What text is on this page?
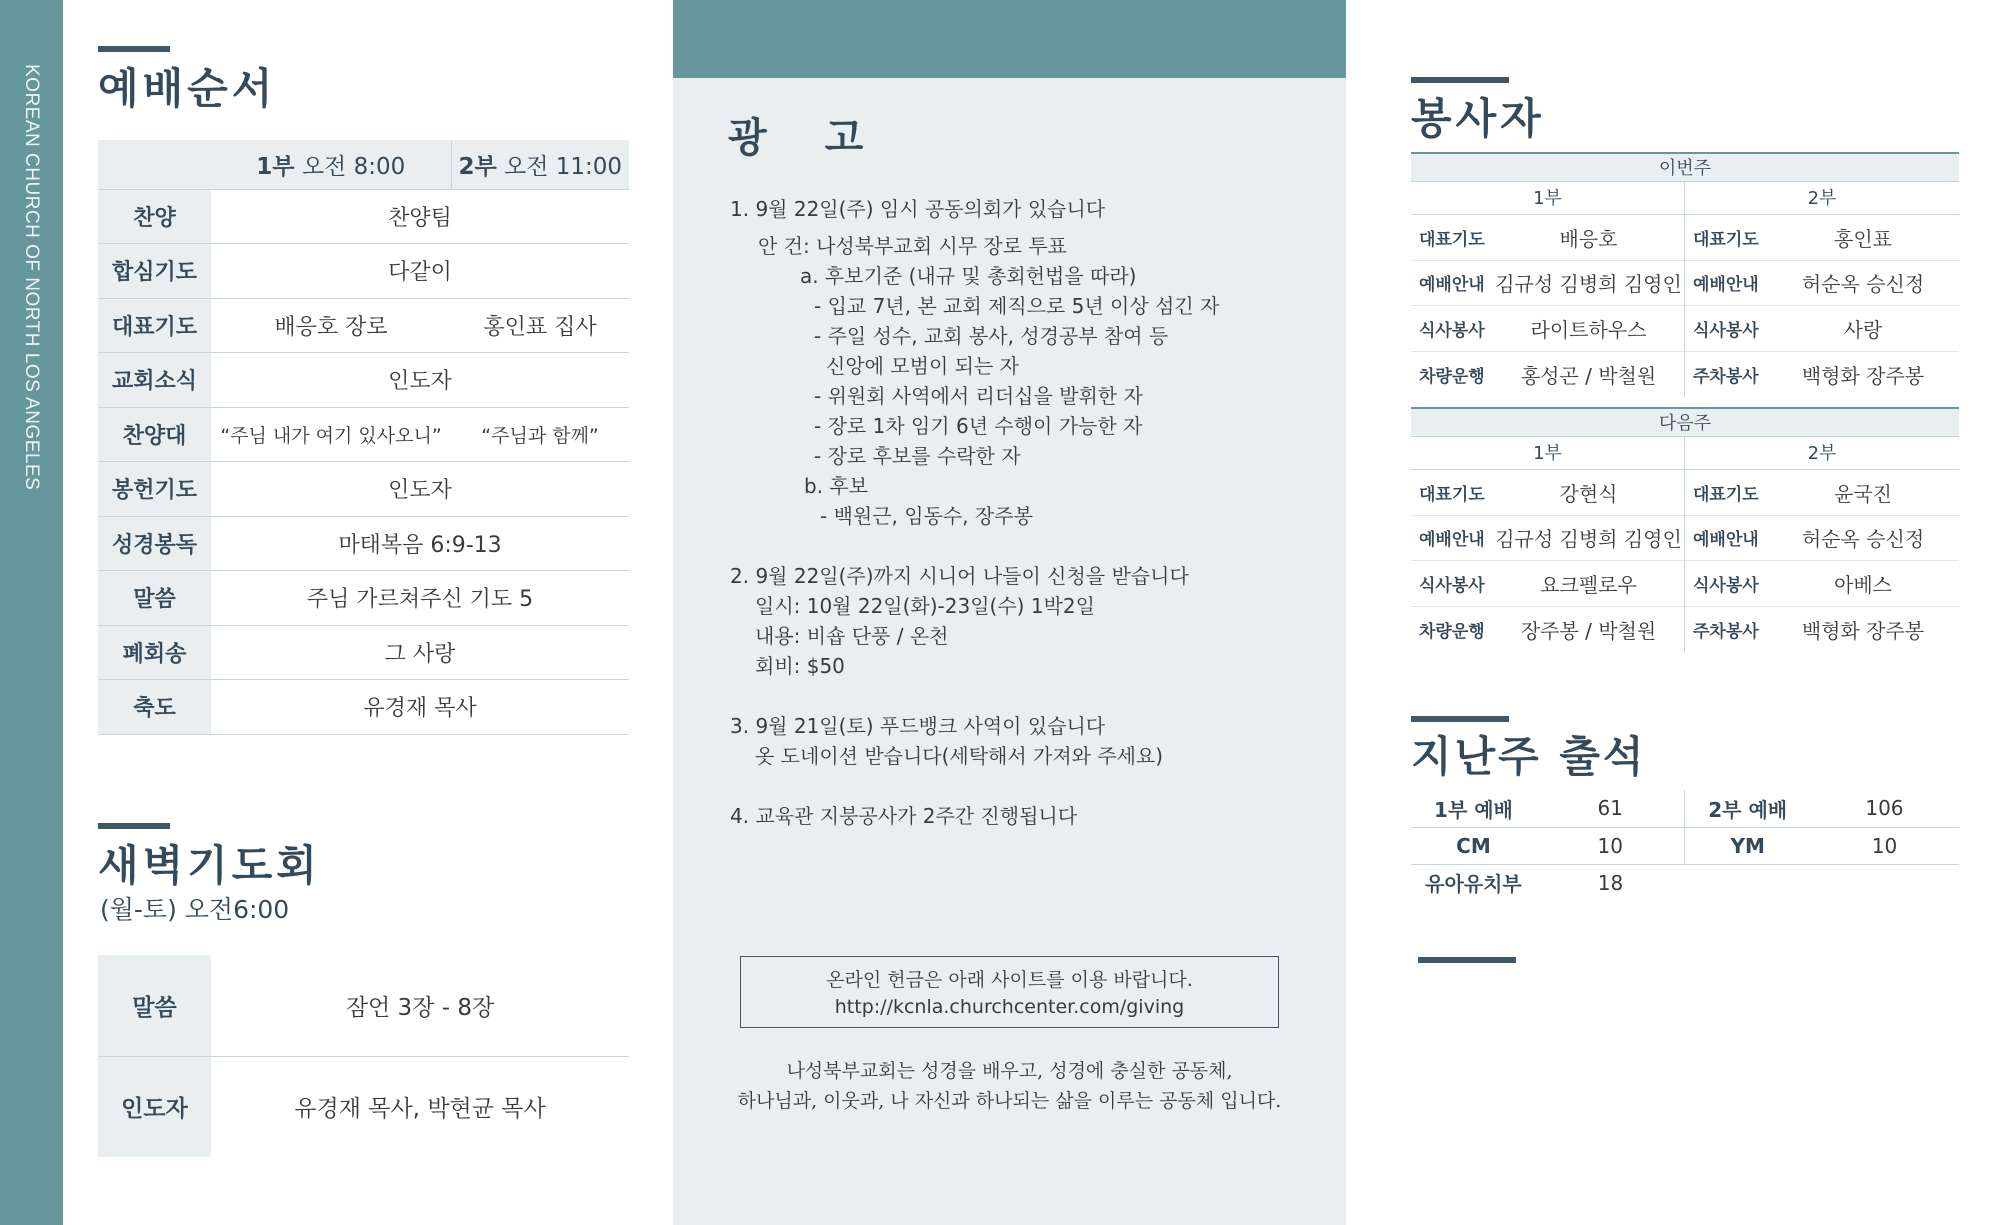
KOREAN CHURCH OF NORTH LOS ANGELES 예배순서
	1부 오전 8:00	2부 오전 11:00
찬양	찬양팀	
합심기도	다같이	
대표기도	배응호 장로	홍인표 집사
교회소식	인도자	
찬양대	“주님 내가 여기 있사오니”	“주님과 함께”
봉헌기도	인도자	
성경봉독	마태복음 6:9-13	
말씀	주님 가르쳐주신 기도 5	
폐회송	그 사랑	
축도	유경재 목사	
새벽기도회
(월-토) 오전6:00
말씀	잠언 3장 - 8장
인도자	유경재 목사, 박현균 목사
광 고
1. 9월 22일(주) 임시 공동의회가 있습니다
안 건: 나성북부교회 시무 장로 투표
a. 후보기준 (내규 및 총회헌법을 따라)
- 입교 7년, 본 교회 제직으로 5년 이상 섬긴 자
- 주일 성수, 교회 봉사, 성경공부 참여 등
신앙에 모범이 되는 자
- 위원회 사역에서 리더십을 발휘한 자
- 장로 1차 임기 6년 수행이 가능한 자
- 장로 후보를 수락한 자
b. 후보
- 백원근, 임동수, 장주봉
2. 9월 22일(주)까지 시니어 나들이 신청을 받습니다
일시: 10월 22일(화)-23일(수) 1박2일
내용: 비숍 단풍 / 온천
회비: $50
3. 9월 21일(토) 푸드뱅크 사역이 있습니다
옷 도네이션 받습니다(세탁해서 가져와 주세요)
4. 교육관 지붕공사가 2주간 진행됩니다
온라인 헌금은 아래 사이트를 이용 바랍니다.
http://kcnla.churchcenter.com/giving
나성북부교회는 성경을 배우고, 성경에 충실한 공동체,
하나님과, 이웃과, 나 자신과 하나되는 삶을 이루는 공동체 입니다.
봉사자
이번주
1부
대표기도	배응호
예배안내 김규성 김병희 김영인
식사봉사	라이트하우스
차량운행	홍성곤 / 박철원
2부
대표기도	홍인표
예배안내	허순옥 승신정
식사봉사	사랑
주차봉사	백형화 장주봉
다음주
1부
대표기도	강현식
예배안내 김규성 김병희 김영인
식사봉사	요크펠로우
차량운행	장주봉 / 박철원
2부
대표기도	윤국진
예배안내	허순옥 승신정
식사봉사	아베스
주차봉사	백형화 장주봉
지난주 출석
1부 예배	61	2부 예배	106
CM	10	YM	10
유아유치부	18		
